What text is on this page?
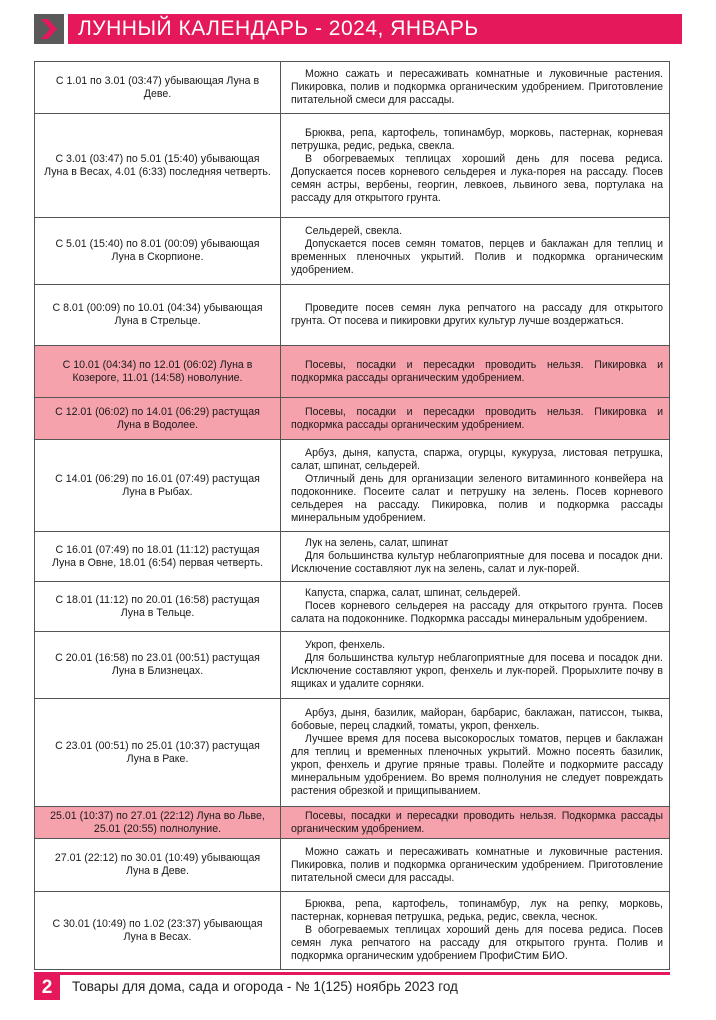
ЛУННЫЙ КАЛЕНДАРЬ - 2024, ЯНВАРЬ
С 1.01 по 3.01 (03:47) убывающая Луна в Деве.	Можно сажать и пересаживать комнатные и луковичные растения. Пикировка, полив и подкормка органическим удобрением. Приготовление питательной смеси для рассады.

С 3.01 (03:47) по 5.01 (15:40) убывающая Луна в Весах, 4.01 (6:33) последняя четверть.	Брюква, репа, картофель, топинамбур, морковь, пастернак, корневая петрушка, редис, редька, свекла.
В обогреваемых теплицах хороший день для посева редиса. Допускается посев корневого сельдерея и лука-порея на рассаду. Посев семян астры, вербены, георгин, левкоев, львиного зева, портулака на рассаду для открытого грунта.

С 5.01 (15:40) по 8.01 (00:09) убывающая Луна в Скорпионе.	Сельдерей, свекла.
Допускается посев семян томатов, перцев и баклажан для теплиц и временных пленочных укрытий. Полив и подкормка органическим удобрением.

С 8.01 (00:09) по 10.01 (04:34) убывающая Луна в Стрельце.	Проведите посев семян лука репчатого на рассаду для открытого грунта. От посева и пикировки других культур лучше воздержаться.

С 10.01 (04:34) по 12.01 (06:02) Луна в Козероге, 11.01 (14:58) новолуние.	Посевы, посадки и пересадки проводить нельзя. Пикировка и подкормка рассады органическим удобрением.

С 12.01 (06:02) по 14.01 (06:29) растущая Луна в Водолее.	Посевы, посадки и пересадки проводить нельзя. Пикировка и подкормка рассады органическим удобрением.

С 14.01 (06:29) по 16.01 (07:49) растущая Луна в Рыбах.	Арбуз, дыня, капуста, спаржа, огурцы, кукуруза, листовая петрушка, салат, шпинат, сельдерей.
Отличный день для организации зеленого витаминного конвейера на подоконнике. Посеите салат и петрушку на зелень. Посев корневого сельдерея на рассаду. Пикировка, полив и подкормка рассады минеральным удобрением.

С 16.01 (07:49) по 18.01 (11:12) растущая Луна в Овне, 18.01 (6:54) первая четверть.	Лук на зелень, салат, шпинат
Для большинства культур неблагоприятные для посева и посадок дни. Исключение составляют лук на зелень, салат и лук-порей.

С 18.01 (11:12) по 20.01 (16:58) растущая Луна в Тельце.	Капуста, спаржа, салат, шпинат, сельдерей.
Посев корневого сельдерея на рассаду для открытого грунта. Посев салата на подоконнике. Подкормка рассады минеральным удобрением.

С 20.01 (16:58) по 23.01 (00:51) растущая Луна в Близнецах.	Укроп, фенхель.
Для большинства культур неблагоприятные для посева и посадок дни. Исключение составляют укроп, фенхель и лук-порей. Прорыхлите почву в ящиках и удалите сорняки.

С 23.01 (00:51) по 25.01 (10:37) растущая Луна в Раке.	Арбуз, дыня, базилик, майоран, барбарис, баклажан, патиссон, тыква, бобовые, перец сладкий, томаты, укроп, фенхель.
Лучшее время для посева высокорослых томатов, перцев и баклажан для теплиц и временных пленочных укрытий. Можно посеять базилик, укроп, фенхель и другие пряные травы. Полейте и подкормите рассаду минеральным удобрением. Во время полнолуния не следует повреждать растения обрезкой и прищипыванием.

25.01 (10:37) по 27.01 (22:12) Луна во Льве, 25.01 (20:55) полнолуние.	Посевы, посадки и пересадки проводить нельзя. Подкормка рассады органическим удобрением.

27.01 (22:12) по 30.01 (10:49) убывающая Луна в Деве.	Можно сажать и пересаживать комнатные и луковичные растения. Пикировка, полив и подкормка органическим удобрением. Приготовление питательной смеси для рассады.

С 30.01 (10:49) по 1.02 (23:37) убывающая Луна в Весах.	Брюква, репа, картофель, топинамбур, лук на репку, морковь, пастернак, корневая петрушка, редька, редис, свекла, чеснок.
В обогреваемых теплицах хороший день для посева редиса. Посев семян лука репчатого на рассаду для открытого грунта. Полив и подкормка органическим удобрением ПрофиСтим БИО.
2	Товары для дома, сада и огорода - № 1(125) ноябрь 2023 год
